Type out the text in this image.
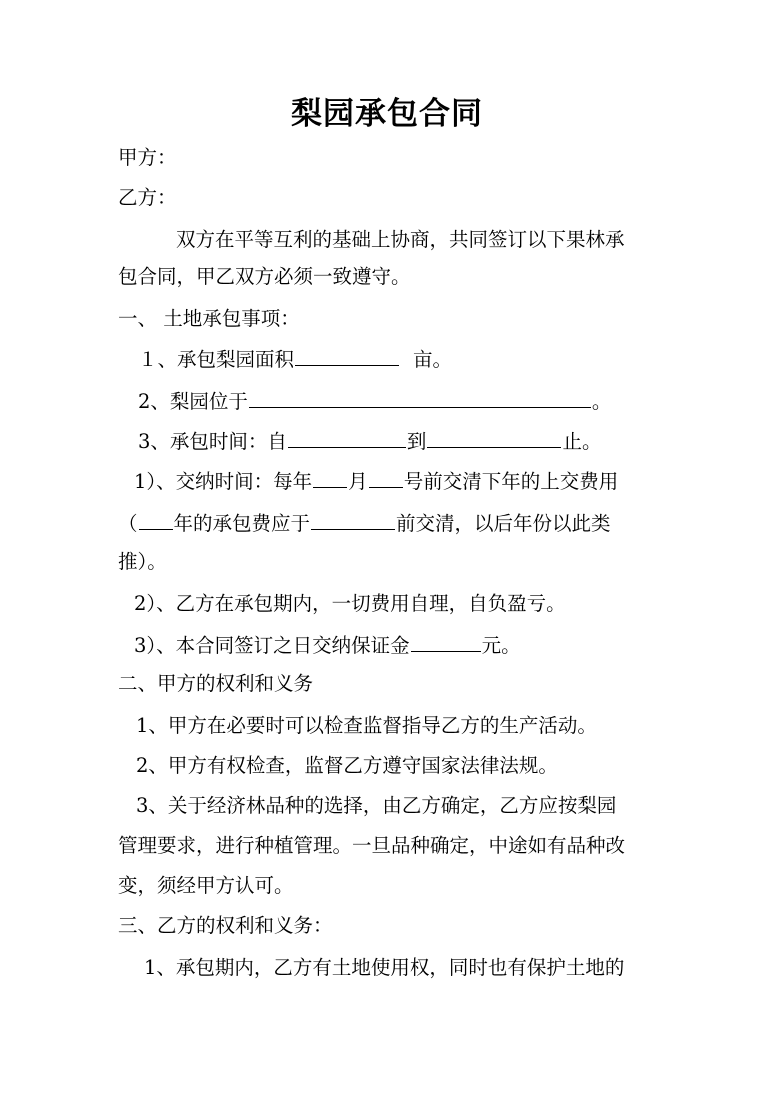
梨园承包合同
甲方：
乙方：
双方在平等互利的基础上协商，共同签订以下果林承
包合同，甲乙双方必须一致遵守。
一、 土地承包事项：
１、承包梨园面积	亩。
2、梨园位于	。
3、承包时间：自	到	止。
1）、交纳时间：每年 月 号前交清下年的上交费用
（ 年的承包费应于	前交清，以后年份以此类
推）。
2）、乙方在承包期内，一切费用自理，自负盈亏。
3）、本合同签订之日交纳保证金	元。
二、甲方的权利和义务
1、甲方在必要时可以检查监督指导乙方的生产活动。
2、甲方有权检查，监督乙方遵守国家法律法规。
3、关于经济林品种的选择，由乙方确定，乙方应按梨园
管理要求，进行种植管理。一旦品种确定，中途如有品种改
变，须经甲方认可。
三、乙方的权利和义务：
1、承包期内，乙方有土地使用权，同时也有保护土地的
